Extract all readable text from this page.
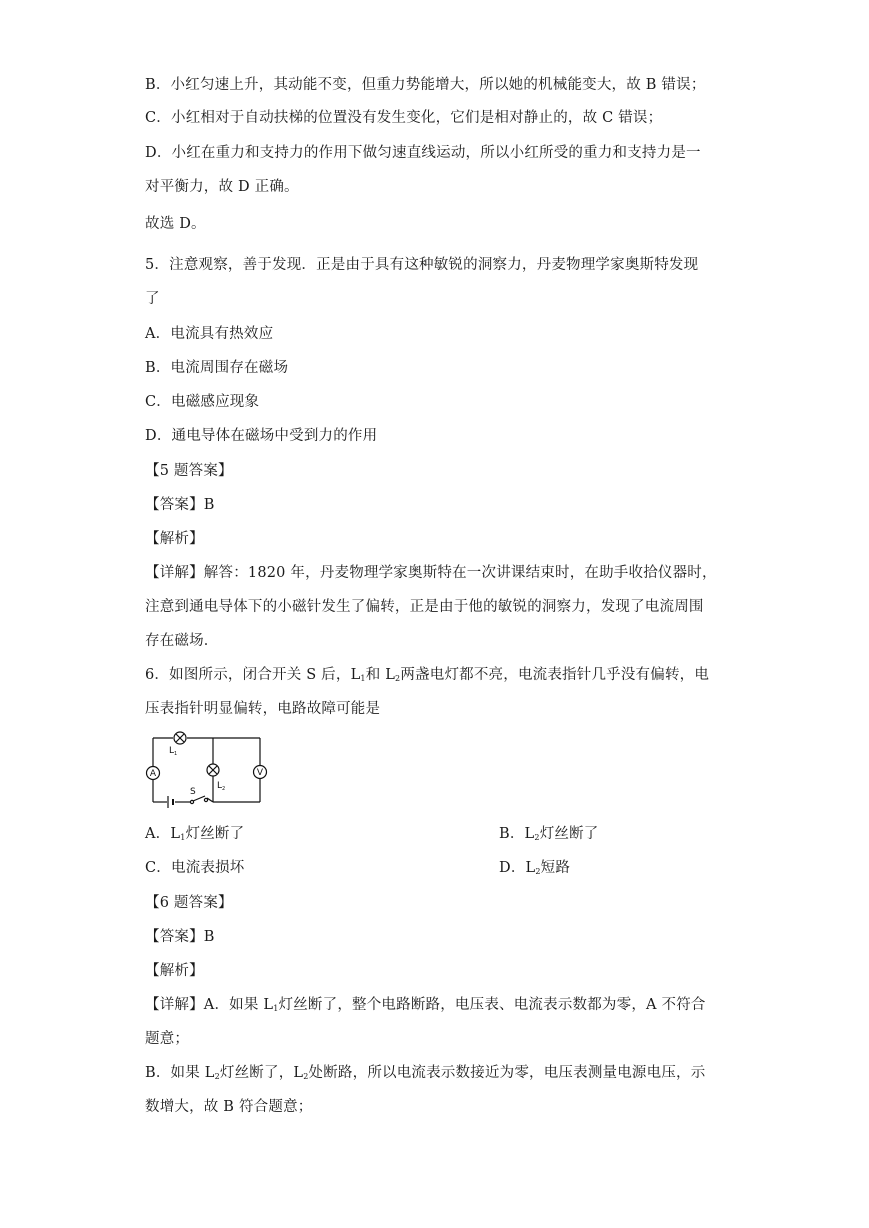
B．小红匀速上升，其动能不变，但重力势能增大，所以她的机械能变大，故 B 错误；
C．小红相对于自动扶梯的位置没有发生变化，它们是相对静止的，故 C 错误；
D．小红在重力和支持力的作用下做匀速直线运动，所以小红所受的重力和支持力是一
对平衡力，故 D 正确。
故选 D。
5．注意观察，善于发现．正是由于具有这种敏锐的洞察力，丹麦物理学家奥斯特发现
了
A．电流具有热效应
B．电流周围存在磁场
C．电磁感应现象
D．通电导体在磁场中受到力的作用
【5 题答案】
【答案】B
【解析】
【详解】解答：1820 年，丹麦物理学家奥斯特在一次讲课结束时，在助手收拾仪器时，
注意到通电导体下的小磁针发生了偏转，正是由于他的敏锐的洞察力，发现了电流周围
存在磁场．
6．如图所示，闭合开关 S 后，$L_1$和 $L_2$两盏电灯都不亮，电流表指针几乎没有偏转，电
压表指针明显偏转，电路故障可能是
S
$L_1$
$L_2$
A	V
A．$L_1$灯丝断了	B．$L_2$灯丝断了
C．电流表损坏	D．$L_2$短路
【6 题答案】
【答案】B
【解析】
【详解】A．如果 $L_1$灯丝断了，整个电路断路，电压表、电流表示数都为零，A 不符合
题意；
B．如果 $L_2$灯丝断了，$L_2$处断路，所以电流表示数接近为零，电压表测量电源电压，示
数增大，故 B 符合题意；
